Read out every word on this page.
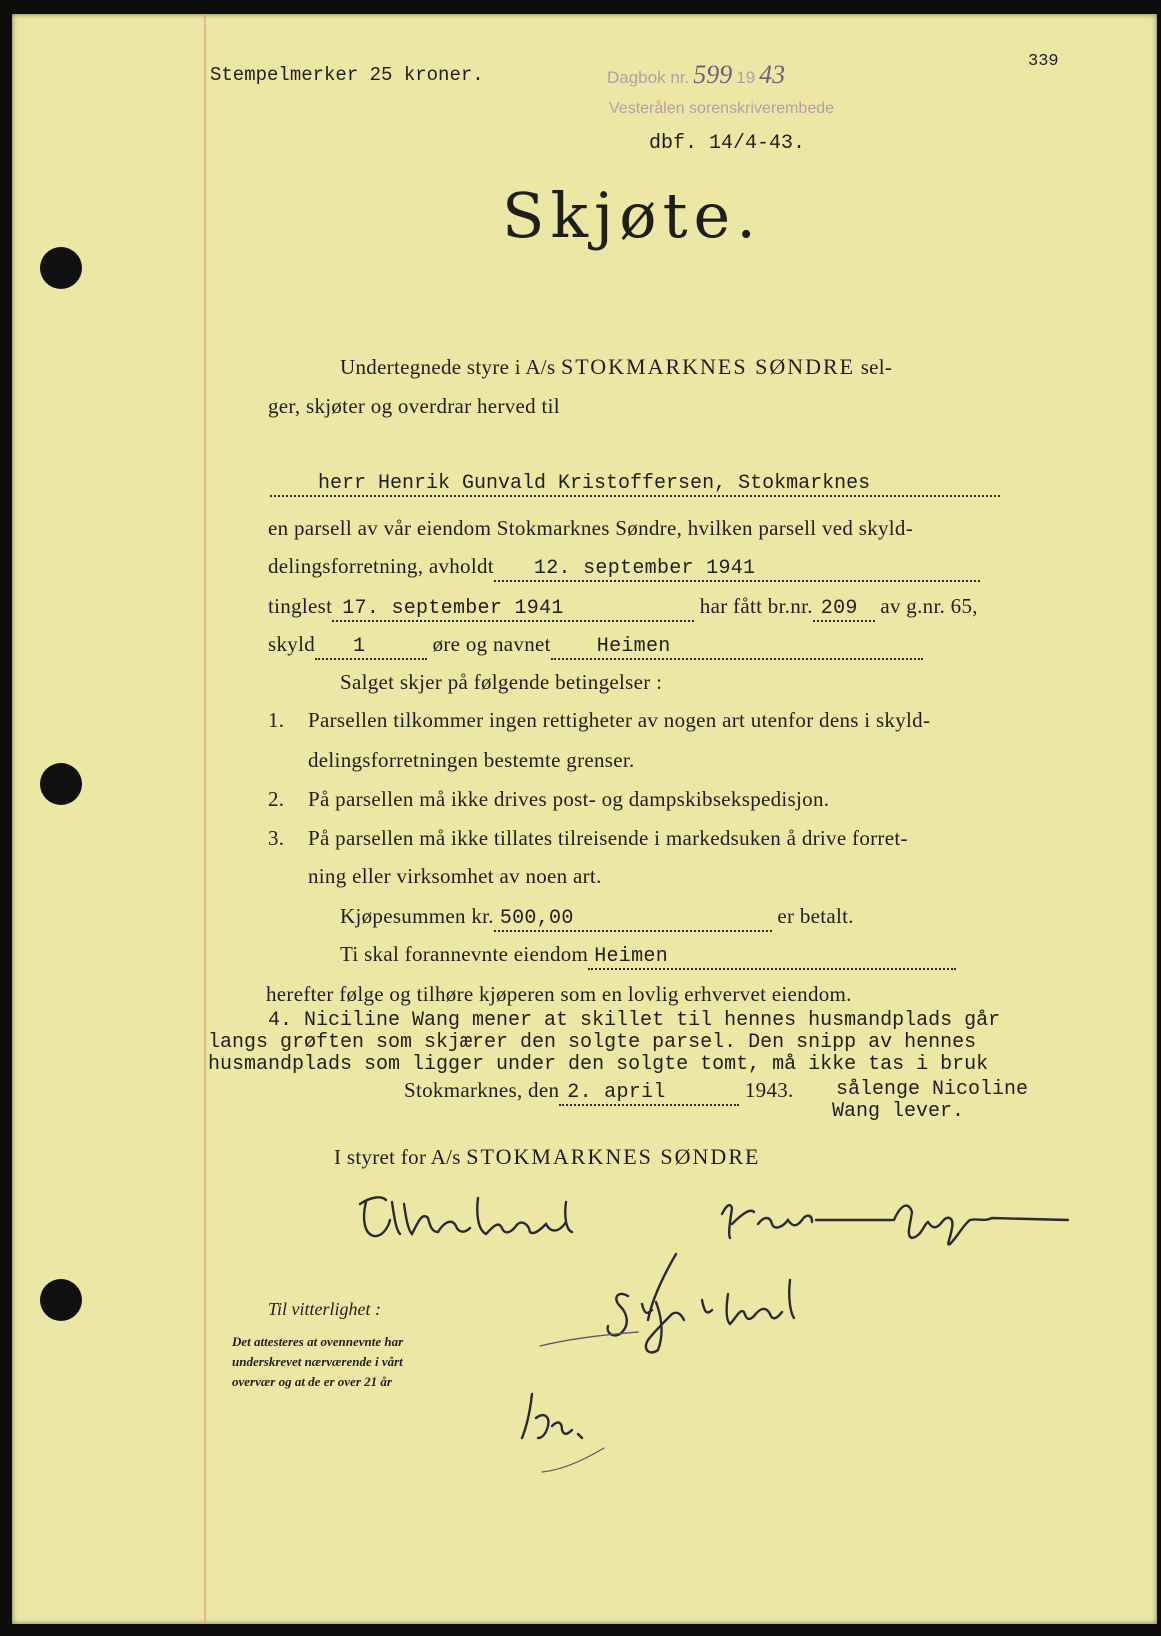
Stempelmerker 25 kroner.	Dagbok nr. 599 19 43
Vesterålen sorenskriverembede
dbf. 14/4-43.
339
Skjøte.
Undertegnede styre i A/s STOKMARKNES SØNDRE sel-
ger, skjøter og overdrar herved til
herr Henrik Gunvald Kristoffersen, Stokmarknes
en parsell av vår eiendom Stokmarknes Søndre, hvilken parsell ved skyld-
delingsforretning, avholdt 12. september 1941
tinglest 17. september 1941	har fått br.nr. 209 av g.nr. 65,
skyld 1	øre og navnet Heimen
Salget skjer på følgende betingelser :
1. Parsellen tilkommer ingen rettigheter av nogen art utenfor dens i skyld-
delingsforretningen bestemte grenser.
2. På parsellen må ikke drives post- og dampskibsekspedisjon.
3. På parsellen må ikke tillates tilreisende i markedsuken å drive forret-
ning eller virksomhet av noen art.
Kjøpesummen kr. 500,00	er betalt.
Ti skal forannevnte eiendom Heimen
herefter følge og tilhøre kjøperen som en lovlig erhvervet eiendom.
4. Niciline Wang mener at skillet til hennes husmandplads går
langs grøften som skjærer den solgte parsel. Den snipp av hennes
husmandplads som ligger under den solgte tomt, må ikke tas i bruk
Stokmarknes, den 2. april	1943. sålenge Nicoline
Wang lever.
I styret for A/s STOKMARKNES SØNDRE
Til vitterlighet :
Det attesteres at ovennevnte har
underskrevet nærværende i vårt
overvær og at de er over 21 år
